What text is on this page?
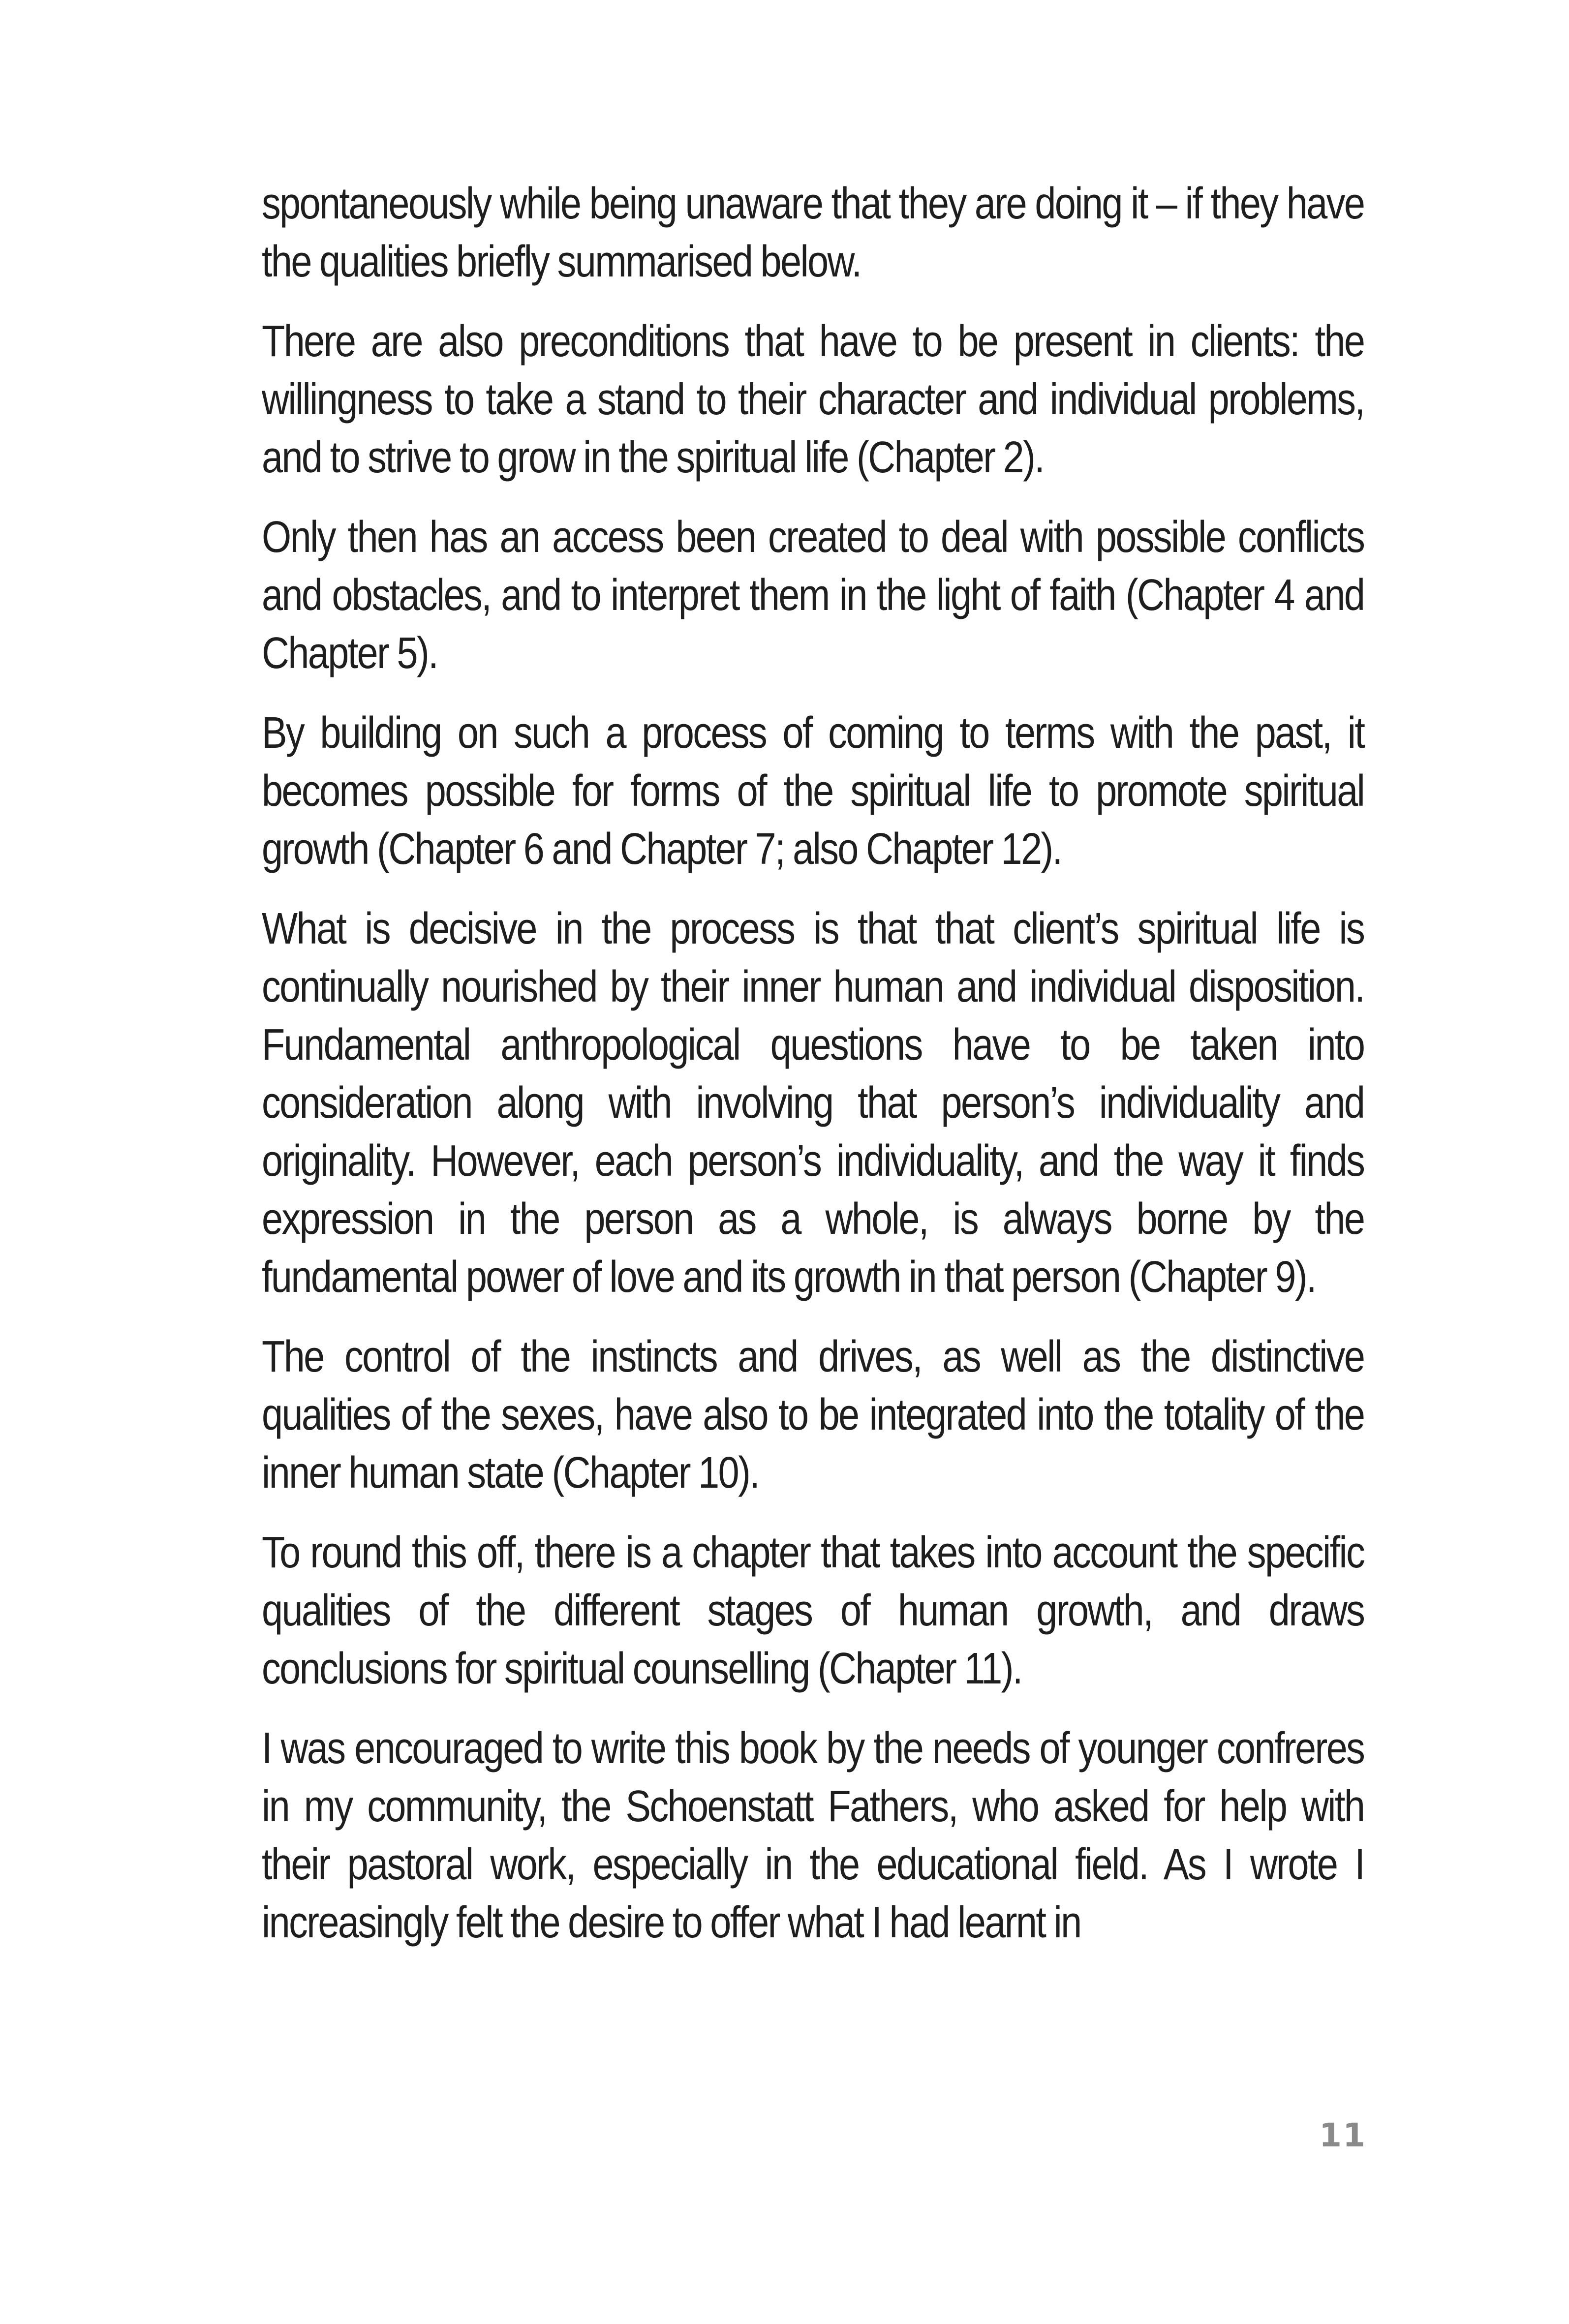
spontaneously while being unaware that they are doing it – if they have the qualities briefly summarised below.

There are also preconditions that have to be present in clients: the willingness to take a stand to their character and individual problems, and to strive to grow in the spiritual life (Chapter 2).

Only then has an access been created to deal with possible conflicts and obstacles, and to interpret them in the light of faith (Chapter 4 and Chapter 5).

By building on such a process of coming to terms with the past, it becomes possible for forms of the spiritual life to promote spiritual growth (Chapter 6 and Chapter 7; also Chapter 12).

What is decisive in the process is that that client’s spiritual life is continually nourished by their inner human and individual disposition. Fundamental anthropological questions have to be taken into consideration along with involving that person’s individuality and originality. However, each person’s individuality, and the way it finds expression in the person as a whole, is always borne by the fundamental power of love and its growth in that person (Chapter 9).

The control of the instincts and drives, as well as the distinctive qualities of the sexes, have also to be integrated into the totality of the inner human state (Chapter 10).

To round this off, there is a chapter that takes into account the specific qualities of the different stages of human growth, and draws conclusions for spiritual counselling (Chapter 11).

I was encouraged to write this book by the needs of younger confreres in my community, the Schoenstatt Fathers, who asked for help with their pastoral work, especially in the educational field. As I wrote I increasingly felt the desire to offer what I had learnt in

11
